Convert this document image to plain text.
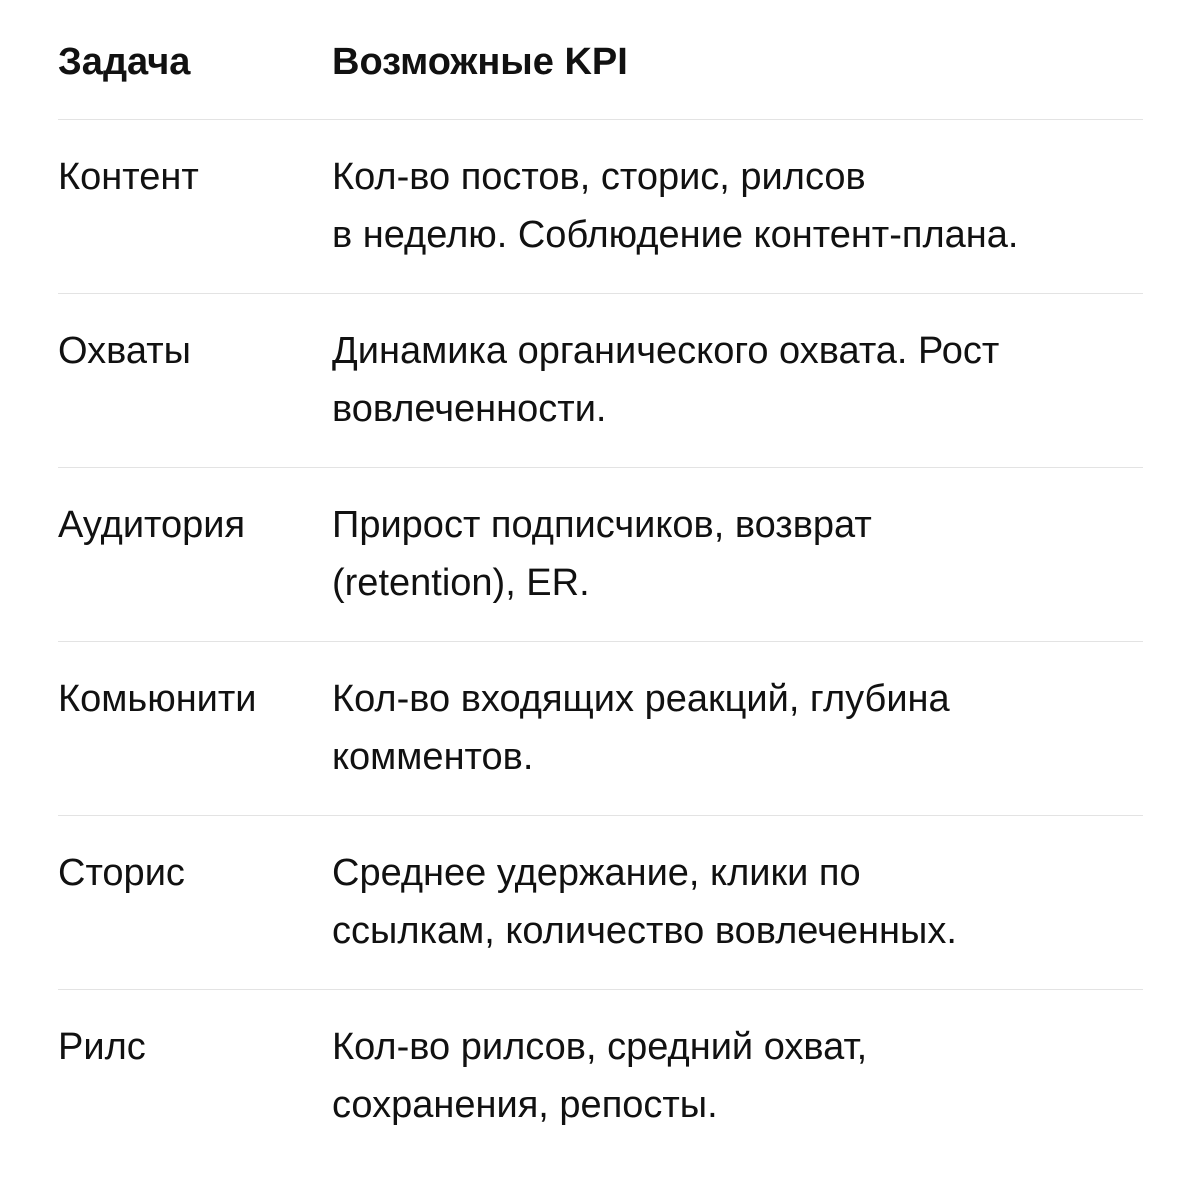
Задача	Возможные KPI
Контент	Кол-во постов, сторис, рилсов
в неделю. Соблюдение контент-плана.
Охваты	Динамика органического охвата. Рост
вовлеченности.
Аудитория	Прирост подписчиков, возврат
(retention), ER.
Комьюнити	Кол-во входящих реакций, глубина
комментов.
Сторис	Среднее удержание, клики по
ссылкам, количество вовлеченных.
Рилс	Кол-во рилсов, средний охват,
сохранения, репосты.
